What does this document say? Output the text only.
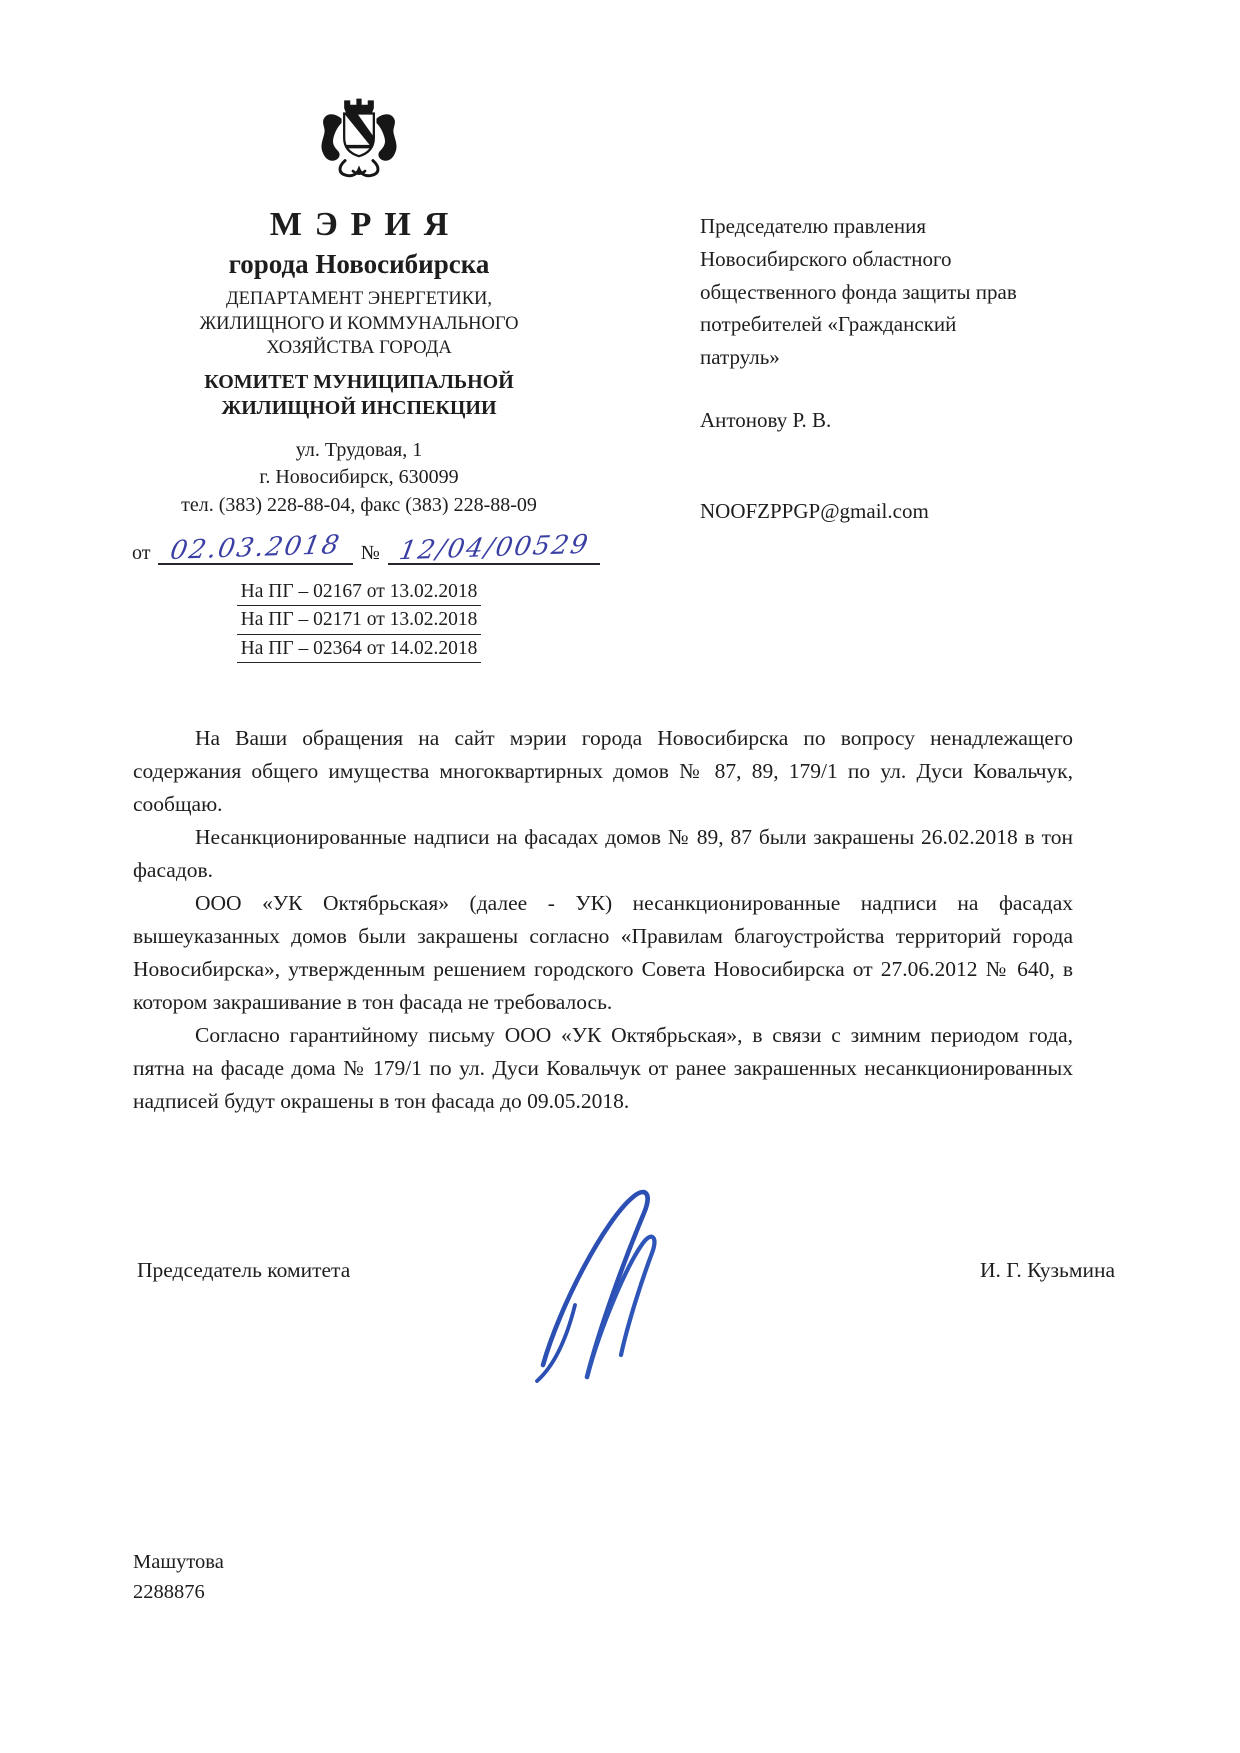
МЭРИЯ
города Новосибирска
ДЕПАРТАМЕНТ ЭНЕРГЕТИКИ,
ЖИЛИЩНОГО И КОММУНАЛЬНОГО
ХОЗЯЙСТВА ГОРОДА
КОМИТЕТ МУНИЦИПАЛЬНОЙ
ЖИЛИЩНОЙ ИНСПЕКЦИИ
ул. Трудовая, 1
г. Новосибирск, 630099
тел. (383) 228-88-04, факс (383) 228-88-09
от 02.03.2018 № 12/04/00529
На ПГ – 02167 от 13.02.2018
На ПГ – 02171 от 13.02.2018
На ПГ – 02364 от 14.02.2018
Председателю правления
Новосибирского областного
общественного фонда защиты прав
потребителей «Гражданский
патруль»
Антонову Р. В.
NOOFZPPGP@gmail.com

На Ваши обращения на сайт мэрии города Новосибирска по вопросу ненадлежащего содержания общего имущества многоквартирных домов № 87, 89, 179/1 по ул. Дуси Ковальчук, сообщаю.

Несанкционированные надписи на фасадах домов № 89, 87 были закрашены 26.02.2018 в тон фасадов.

ООО «УК Октябрьская» (далее - УК) несанкционированные надписи на фасадах вышеуказанных домов были закрашены согласно «Правилам благоустройства территорий города Новосибирска», утвержденным решением городского Совета Новосибирска от 27.06.2012 № 640, в котором закрашивание в тон фасада не требовалось.

Согласно гарантийному письму ООО «УК Октябрьская», в связи с зимним периодом года, пятна на фасаде дома № 179/1 по ул. Дуси Ковальчук от ранее закрашенных несанкционированных надписей будут окрашены в тон фасада до 09.05.2018.

Председатель комитета	И. Г. Кузьмина
Машутова
2288876
